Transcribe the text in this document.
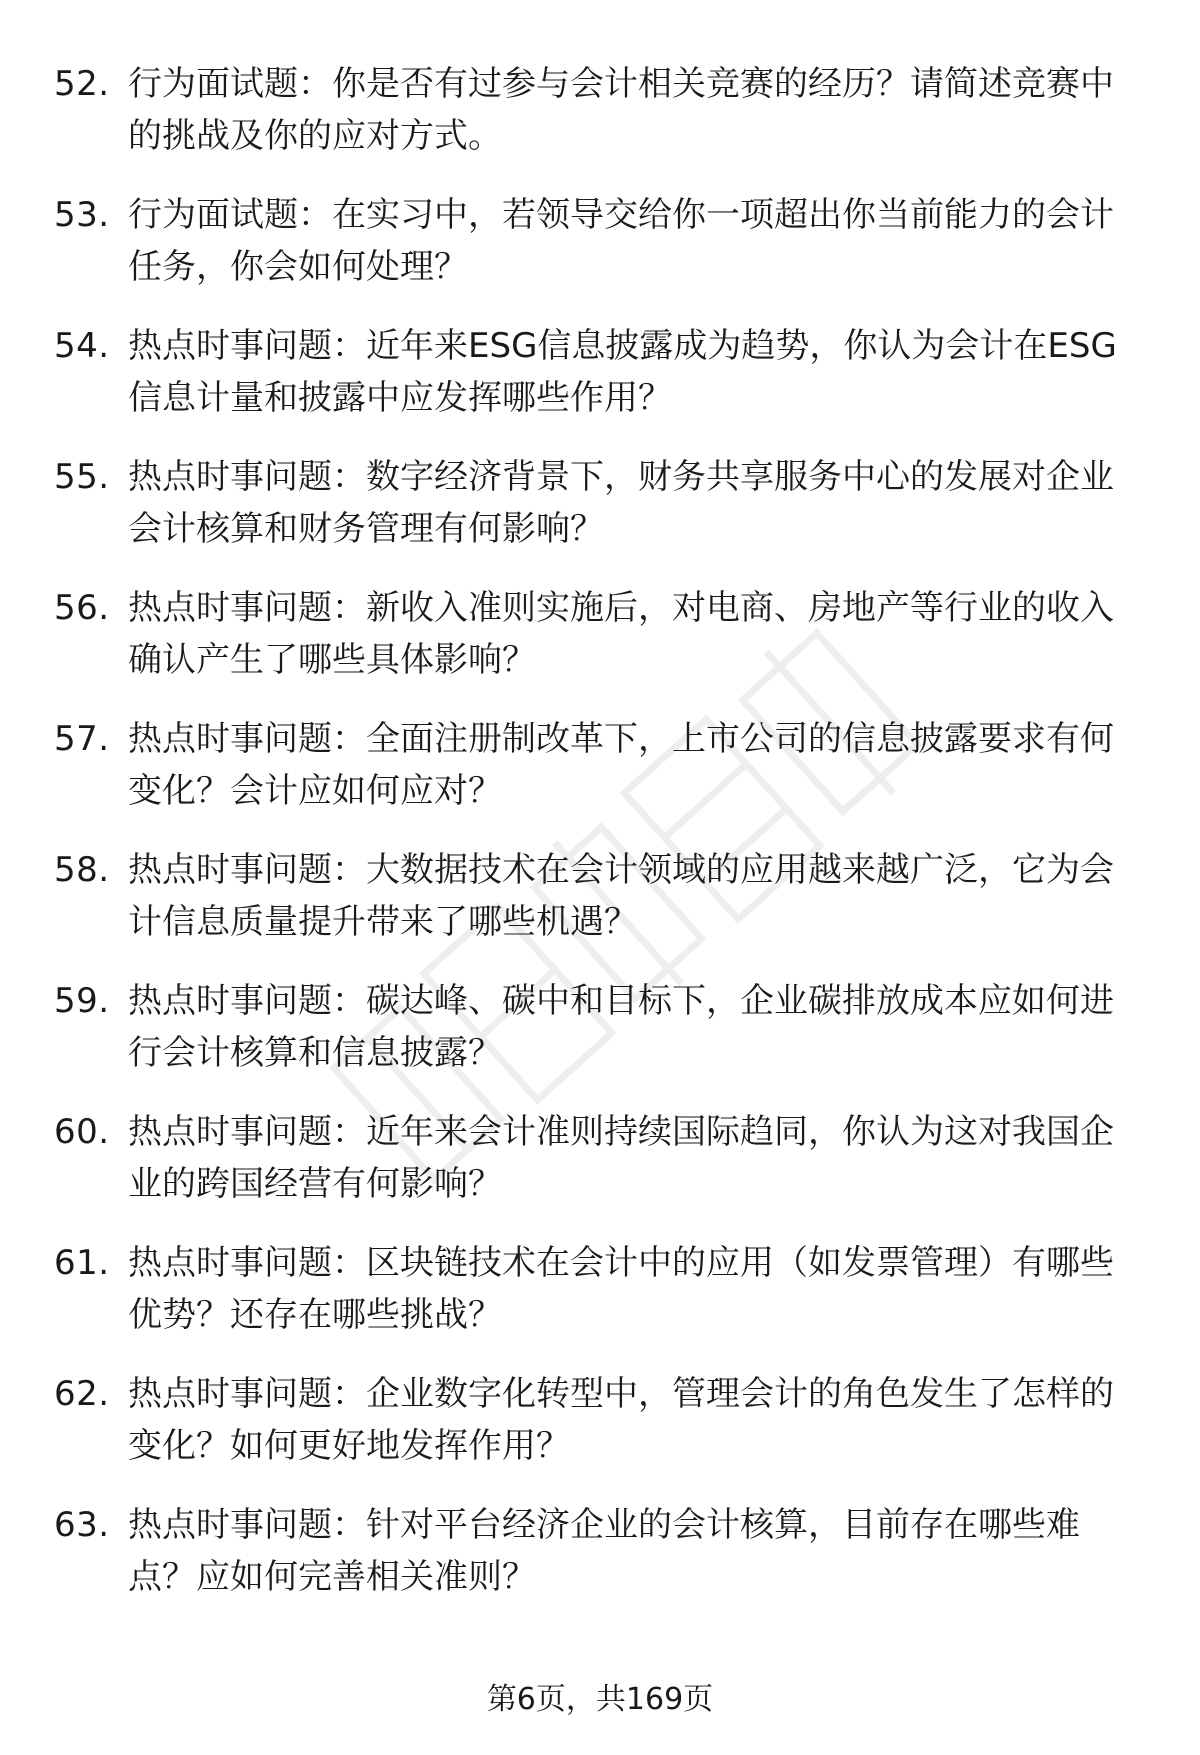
52. 行为面试题：你是否有过参与会计相关竞赛的经历？请简述竞赛中的挑战及你的应对方式。
53. 行为面试题：在实习中，若领导交给你一项超出你当前能力的会计任务，你会如何处理？
54. 热点时事问题：近年来ESG信息披露成为趋势，你认为会计在ESG信息计量和披露中应发挥哪些作用？
55. 热点时事问题：数字经济背景下，财务共享服务中心的发展对企业会计核算和财务管理有何影响？
56. 热点时事问题：新收入准则实施后，对电商、房地产等行业的收入确认产生了哪些具体影响？
57. 热点时事问题：全面注册制改革下，上市公司的信息披露要求有何变化？会计应如何应对？
58. 热点时事问题：大数据技术在会计领域的应用越来越广泛，它为会计信息质量提升带来了哪些机遇？
59. 热点时事问题：碳达峰、碳中和目标下，企业碳排放成本应如何进行会计核算和信息披露？
60. 热点时事问题：近年来会计准则持续国际趋同，你认为这对我国企业的跨国经营有何影响？
61. 热点时事问题：区块链技术在会计中的应用（如发票管理）有哪些优势？还存在哪些挑战？
62. 热点时事问题：企业数字化转型中，管理会计的角色发生了怎样的变化？如何更好地发挥作用？
63. 热点时事问题：针对平台经济企业的会计核算，目前存在哪些难点？应如何完善相关准则？
第6页，共169页
